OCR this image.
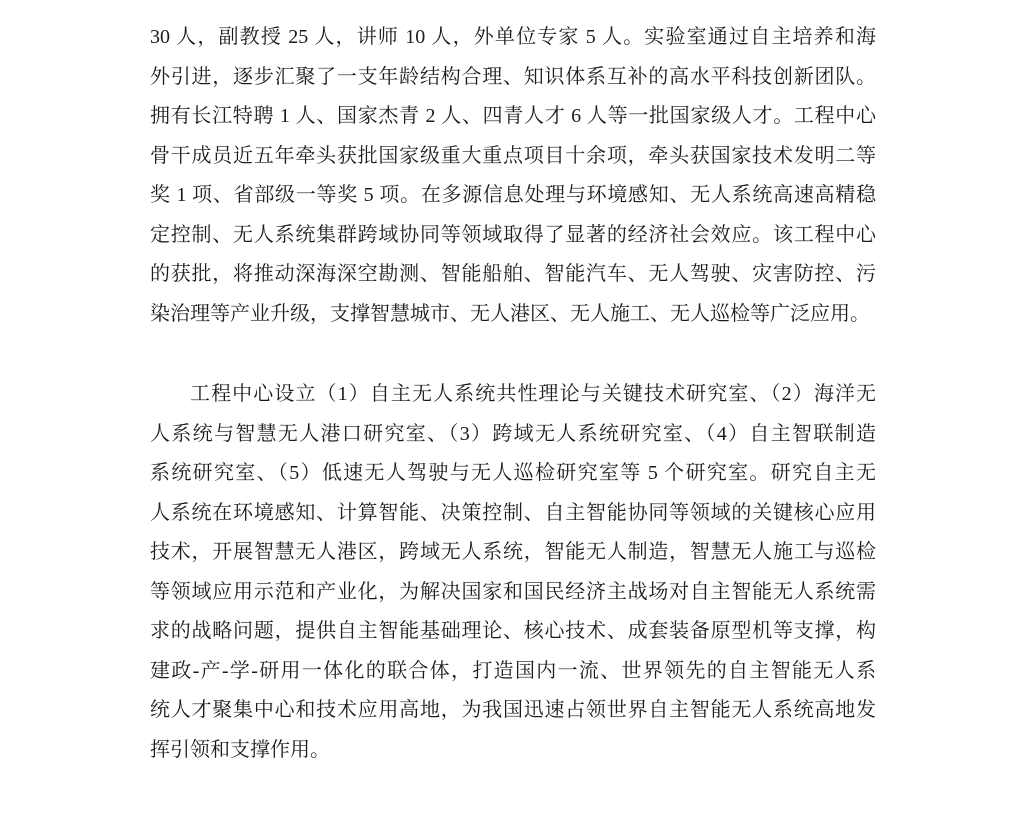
30 人，副教授 25 人，讲师 10 人，外单位专家 5 人。实验室通过自主培养和海
外引进，逐步汇聚了一支年龄结构合理、知识体系互补的高水平科技创新团队。
拥有长江特聘 1 人、国家杰青 2 人、四青人才 6 人等一批国家级人才。工程中心
骨干成员近五年牵头获批国家级重大重点项目十余项，牵头获国家技术发明二等
奖 1 项、省部级一等奖 5 项。在多源信息处理与环境感知、无人系统高速高精稳
定控制、无人系统集群跨域协同等领域取得了显著的经济社会效应。该工程中心
的获批，将推动深海深空勘测、智能船舶、智能汽车、无人驾驶、灾害防控、污
染治理等产业升级，支撑智慧城市、无人港区、无人施工、无人巡检等广泛应用。
工程中心设立（1）自主无人系统共性理论与关键技术研究室、（2）海洋无
人系统与智慧无人港口研究室、（3）跨域无人系统研究室、（4）自主智联制造
系统研究室、（5）低速无人驾驶与无人巡检研究室等 5 个研究室。研究自主无
人系统在环境感知、计算智能、决策控制、自主智能协同等领域的关键核心应用
技术，开展智慧无人港区，跨域无人系统，智能无人制造，智慧无人施工与巡检
等领域应用示范和产业化，为解决国家和国民经济主战场对自主智能无人系统需
求的战略问题，提供自主智能基础理论、核心技术、成套装备原型机等支撑，构
建政-产-学-研用一体化的联合体，打造国内一流、世界领先的自主智能无人系
统人才聚集中心和技术应用高地，为我国迅速占领世界自主智能无人系统高地发
挥引领和支撑作用。
